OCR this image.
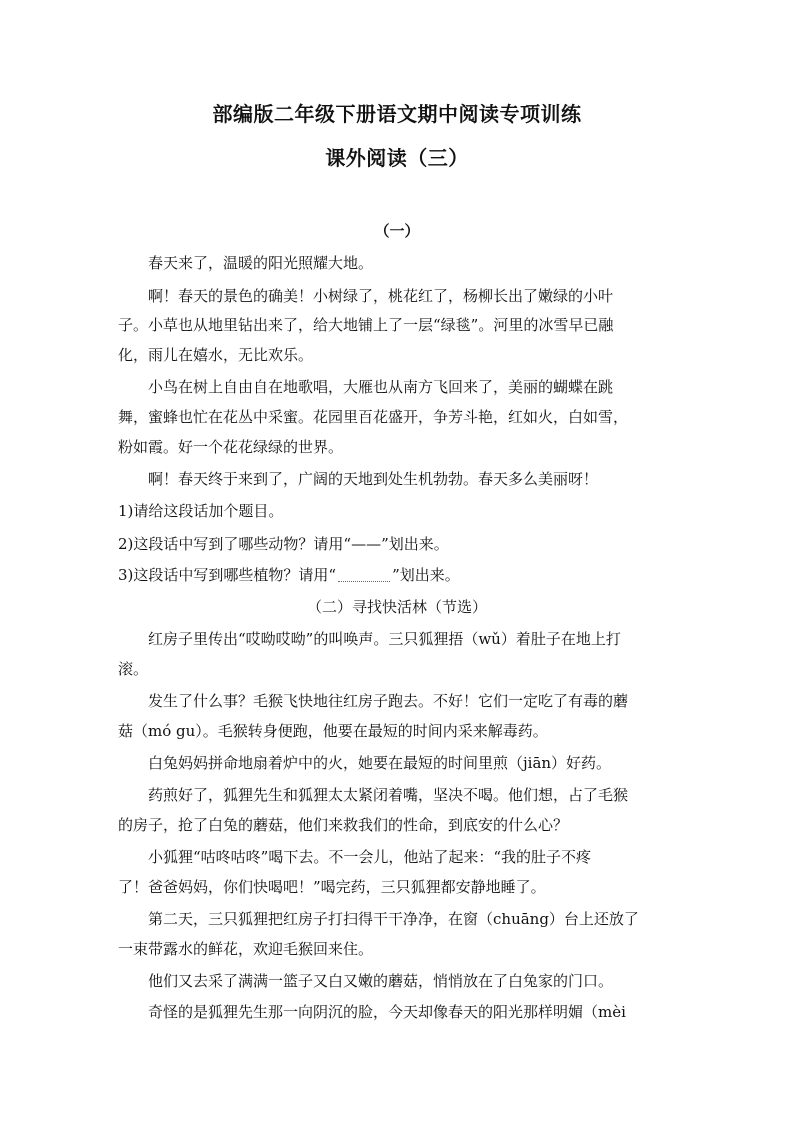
部编版二年级下册语文期中阅读专项训练
课外阅读（三）
（一）
春天来了，温暖的阳光照耀大地。
啊！春天的景色的确美！小树绿了，桃花红了，杨柳长出了嫩绿的小叶
子。小草也从地里钻出来了，给大地铺上了一层“绿毯”。河里的冰雪早已融
化，雨儿在嬉水，无比欢乐。
小鸟在树上自由自在地歌唱，大雁也从南方飞回来了，美丽的蝴蝶在跳
舞，蜜蜂也忙在花丛中采蜜。花园里百花盛开，争芳斗艳，红如火，白如雪，
粉如霞。好一个花花绿绿的世界。
啊！春天终于来到了，广阔的天地到处生机勃勃。春天多么美丽呀！
1)请给这段话加个题目。
2)这段话中写到了哪些动物？请用“——”划出来。
3)这段话中写到哪些植物？请用“	”划出来。
（二）寻找快活林（节选）
红房子里传出“哎呦哎呦”的叫唤声。三只狐狸捂（wǔ）着肚子在地上打
滚。
发生了什么事？毛猴飞快地往红房子跑去。不好！它们一定吃了有毒的蘑
菇（mó gu）。毛猴转身便跑，他要在最短的时间内采来解毒药。
白兔妈妈拼命地扇着炉中的火，她要在最短的时间里煎（jiān）好药。
药煎好了，狐狸先生和狐狸太太紧闭着嘴，坚决不喝。他们想，占了毛猴
的房子，抢了白兔的蘑菇，他们来救我们的性命，到底安的什么心？
小狐狸“咕咚咕咚”喝下去。不一会儿，他站了起来：“我的肚子不疼
了！爸爸妈妈，你们快喝吧！”喝完药，三只狐狸都安静地睡了。
第二天，三只狐狸把红房子打扫得干干净净，在窗（chuāng）台上还放了
一束带露水的鲜花，欢迎毛猴回来住。
他们又去采了满满一篮子又白又嫩的蘑菇，悄悄放在了白兔家的门口。
奇怪的是狐狸先生那一向阴沉的脸，今天却像春天的阳光那样明媚（mèi
